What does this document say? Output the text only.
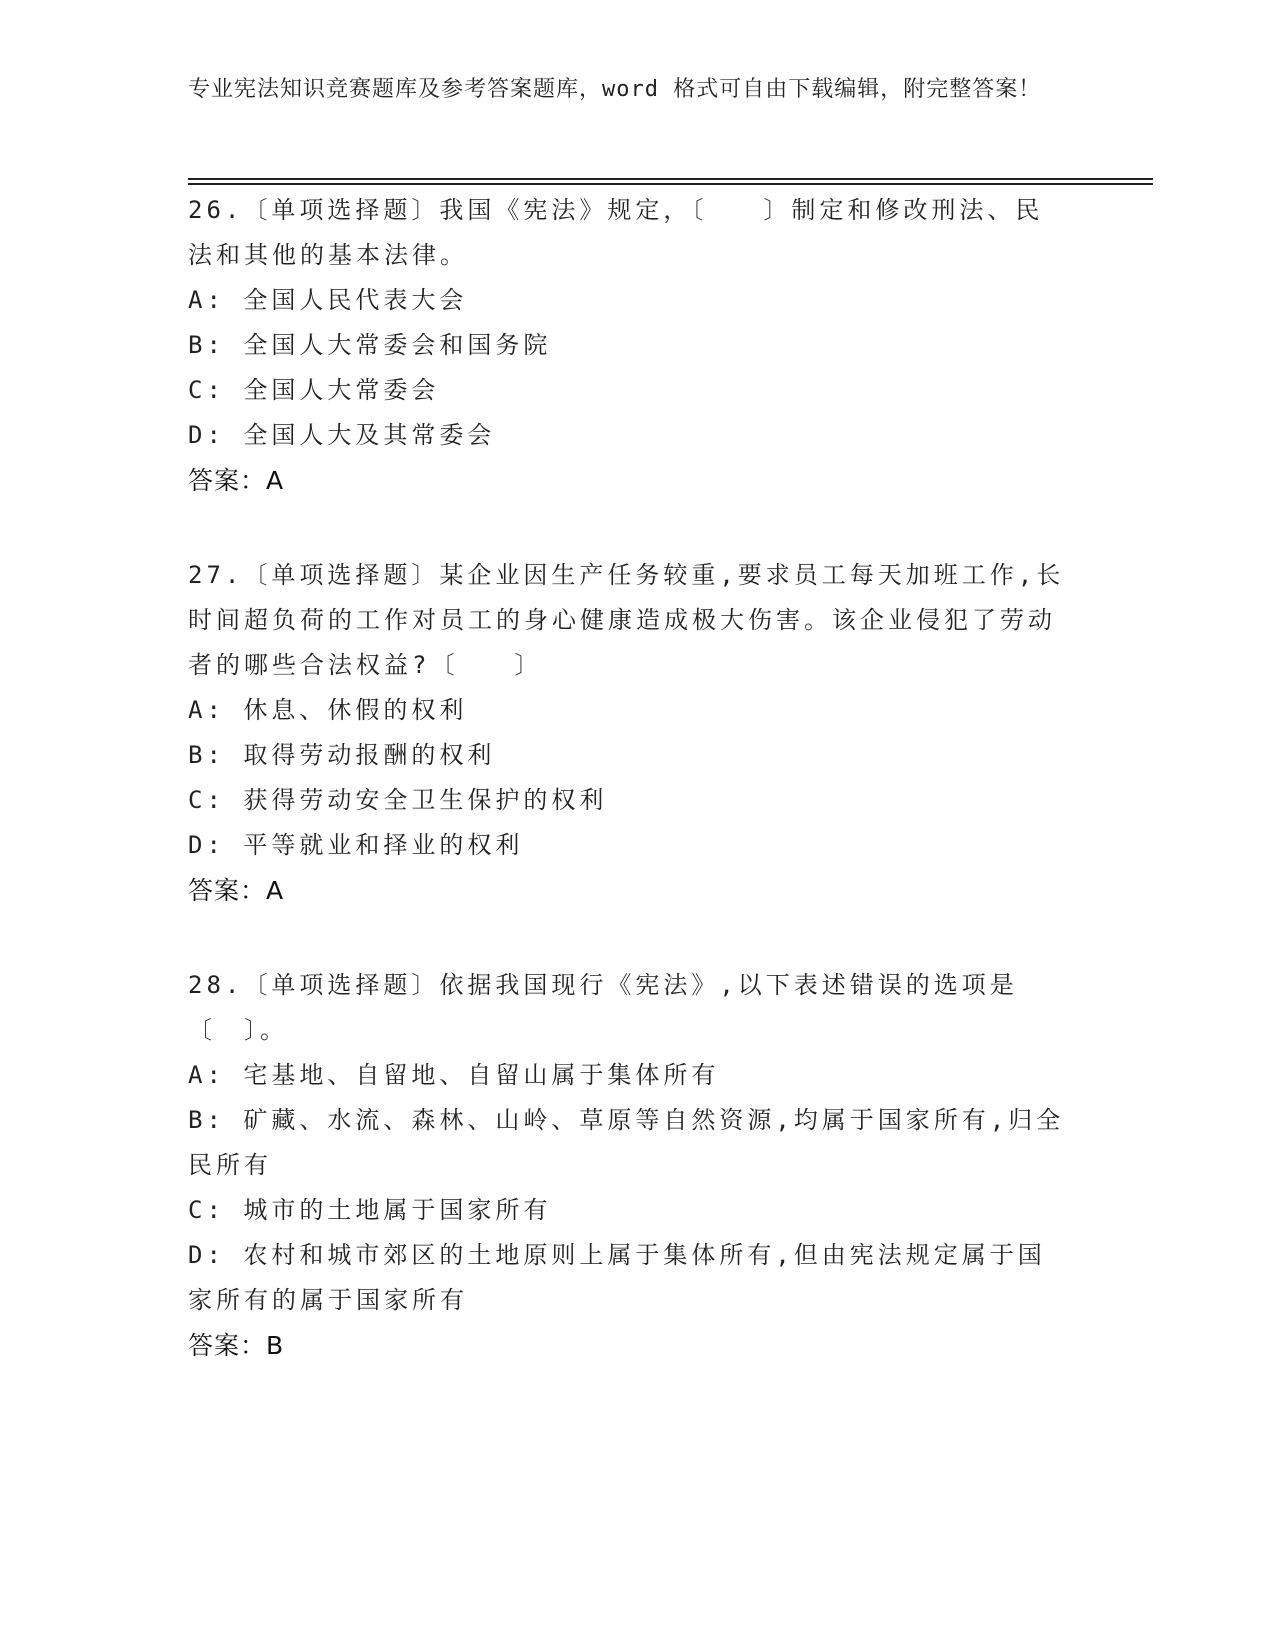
专业宪法知识竞赛题库及参考答案题库，word 格式可自由下载编辑，附完整答案！
26.〔单项选择题〕我国《宪法》规定，〔　　〕制定和修改刑法、民法和其他的基本法律。
A: 全国人民代表大会
B: 全国人大常委会和国务院
C: 全国人大常委会
D: 全国人大及其常委会
答案：A
27.〔单项选择题〕某企业因生产任务较重,要求员工每天加班工作,长时间超负荷的工作对员工的身心健康造成极大伤害。该企业侵犯了劳动者的哪些合法权益?〔　　〕
A: 休息、休假的权利
B: 取得劳动报酬的权利
C: 获得劳动安全卫生保护的权利
D: 平等就业和择业的权利
答案：A
28.〔单项选择题〕依据我国现行《宪法》,以下表述错误的选项是〔　〕。
A: 宅基地、自留地、自留山属于集体所有
B: 矿藏、水流、森林、山岭、草原等自然资源,均属于国家所有,归全民所有
C: 城市的土地属于国家所有
D: 农村和城市郊区的土地原则上属于集体所有,但由宪法规定属于国家所有的属于国家所有
答案：B
